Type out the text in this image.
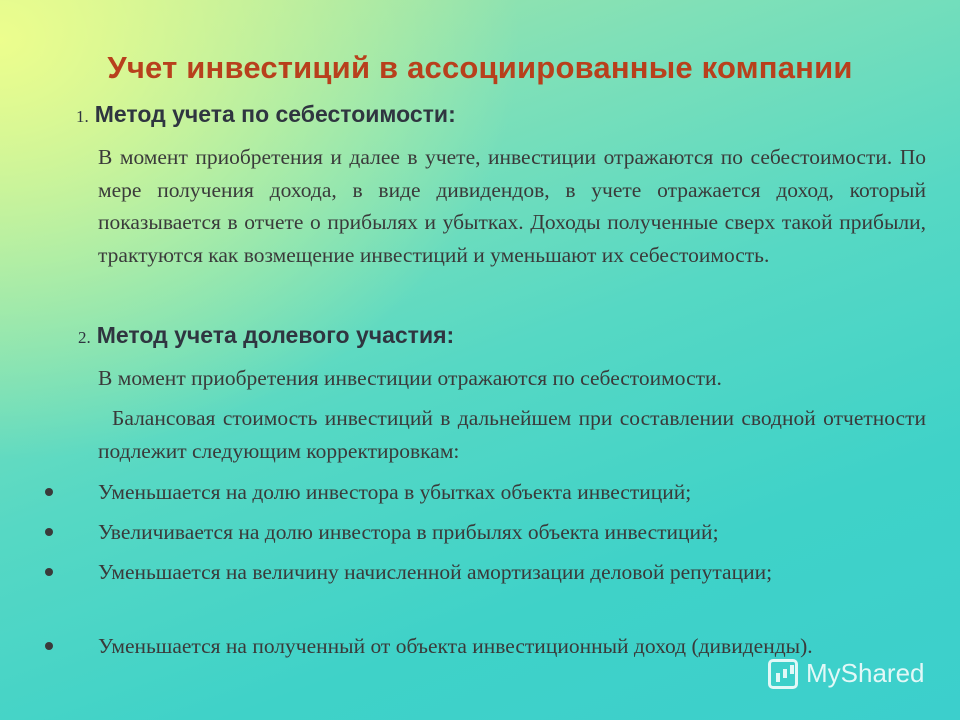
Учет инвестиций в ассоциированные компании
1. Метод учета по себестоимости:

В момент приобретения и далее в учете, инвестиции отражаются по себестоимости. По мере получения дохода, в виде дивидендов, в учете отражается доход, который показывается в отчете о прибылях и убытках. Доходы полученные сверх такой прибыли, трактуются как возмещение инвестиций и уменьшают их себестоимость.

2. Метод учета долевого участия:

В момент приобретения инвестиции отражаются по себестоимости.

Балансовая стоимость инвестиций в дальнейшем при составлении сводной отчетности подлежит следующим корректировкам:

Уменьшается на долю инвестора в убытках объекта инвестиций;
Увеличивается на долю инвестора в прибылях объекта инвестиций;
Уменьшается на величину начисленной амортизации деловой репутации;
Уменьшается на полученный от объекта инвестиционный доход (дивиденды).
MyShared
